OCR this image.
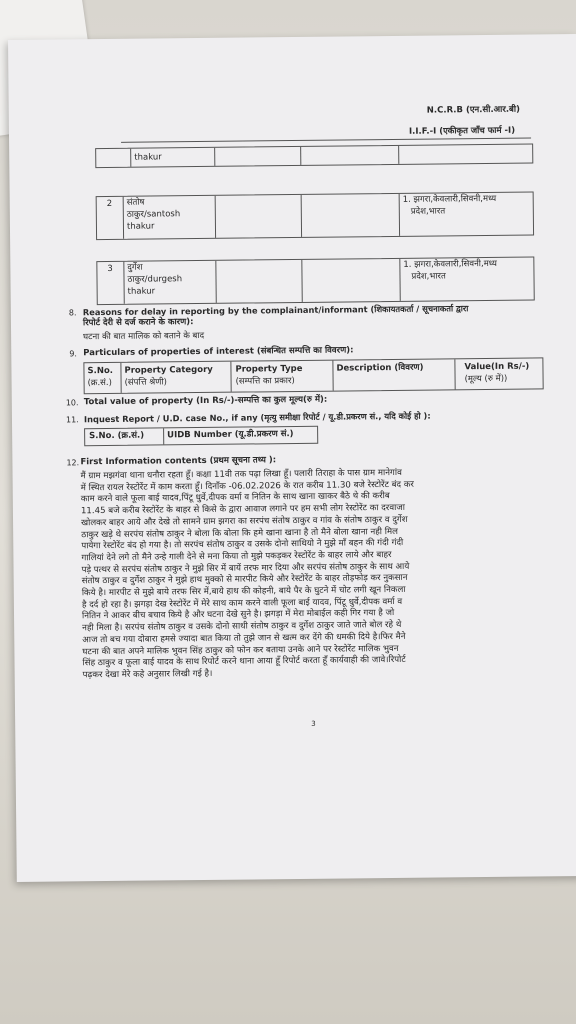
N.C.R.B (एन.सी.आर.बी)
I.I.F.-I (एकीकृत जाँच फार्म -I)
thakur
2 संतोष
ठाकुर/santosh
thakur
1. झगरा,केवलारी,सिवनी,मध्य
प्रदेश,भारत
3 दुर्गेश
ठाकुर/durgesh
thakur
1. झगरा,केवलारी,सिवनी,मध्य
प्रदेश,भारत
8. Reasons for delay in reporting by the complainant/informant (शिकायतकर्ता / सूचनाकर्ता द्वारा
रिपोर्ट देरी से दर्ज कराने के कारण):
घटना की बात मालिक को बताने के बाद
9. Particulars of properties of interest (संबन्धित सम्पत्ति का विवरण):
S.No.
(क्र.सं.)
Property Category
(संपत्ति श्रेणी)
Property Type
(सम्पत्ति का प्रकार)
Description (विवरण)	Value(In Rs/-)
(मूल्य (रु में))
10. Total value of property (In Rs/-)-सम्पत्ति का कुल मूल्य(रु में):
11. Inquest Report / U.D. case No., if any (मृत्यु समीक्षा रिपोर्ट / यू.डी.प्रकरण सं., यदि कोई हो ):
S.No. (क्र.सं.)	UIDB Number (यू.डी.प्रकरण सं.)
12. First Information contents (प्रथम सूचना तथ्य ):
मैं ग्राम मझगंवा थाना धनौरा रहता हूँ। कक्षा 11वी तक पढ़ा लिखा हूँ। पलारी तिराहा के पास ग्राम मानेगांव
में स्थित रायल रेस्टोरेंट में काम करता हूँ। दिनाँक -06.02.2026 के रात करीब 11.30 बजे रेस्टोरेंट बंद कर
काम करने वाले फूला बाई यादव,पिंटू धुर्वे,दीपक वर्मा व नितिन के साथ खाना खाकर बैठे थे की करीब
11.45 बजे करीब रेस्टोरेंट के बाहर से किसे के द्वारा आवाज लगाने पर हम सभी लोग रेस्टोरेंट का दरवाजा
खोलकर बाहर आये और देखे तो सामने ग्राम झगरा का सरपंच संतोष ठाकुर व गांव के संतोष ठाकुर व दुर्गेश
ठाकुर खड़े थे सरपंच संतोष ठाकुर ने बोला कि बोला कि हमे खाना खाना है तो मैने बोला खाना नही मिल
पायेगा रेस्टोरेंट बंद हो गया है। तो सरपंच संतोष ठाकुर व उसके दोनो साथियो ने मुझे माँ बहन की गंदी गंदी
गालियां देने लगे तो मैने उन्हे गाली देने से मना किया तो मुझे पकड़कर रेस्टोरेंट के बाहर लाये और बाहर
पड़े पत्थर से सरपंच संतोष ठाकुर ने मुझे सिर में बायें तरफ मार दिया और सरपंच संतोष ठाकुर के साथ आये
संतोष ठाकुर व दुर्गेश ठाकुर ने मुझे हाथ मुक्को से मारपीट किये और रेस्टोरेंट के बाहर तोड़फोड़ कर नुकसान
किये है। मारपीट से मुझे बाये तरफ सिर में,बाये हाथ की कोहनी, बाये पैर के घुटने में चोट लगी खून निकला
है दर्द हो रहा है। झगड़ा देख रेस्टोरेंट में मेरे साथ काम करने वाली फूला बाई यादव, पिंटू धुर्वे,दीपक वर्मा व
नितिन ने आकर बीच बचाव किये है और घटना देखे सुने है। झगड़ा में मेरा मोबाईल कही गिर गया है जो
नही मिला है। सरपंच संतोष ठाकुर व उसके दोनो साथी संतोष ठाकुर व दुर्गेश ठाकुर जाते जाते बोल रहे थे
आज तो बच गया दोबारा हमसे ज्यादा बात किया तो तुझे जान से खत्म कर देंगे की धमकी दिये है।फिर मैने
घटना की बात अपने मालिक भुवन सिंह ठाकुर को फोन कर बताया उनके आने पर रेस्टोरेंट मालिक भुवन
सिंह ठाकुर व फूला बाई यादव के साथ रिपोर्ट करने थाना आया हूँ रिपोर्ट करता हूँ कार्यवाही की जावे।रिपोर्ट
पढ़कर देखा मेरे कहे अनुसार लिखी गई है।
3
